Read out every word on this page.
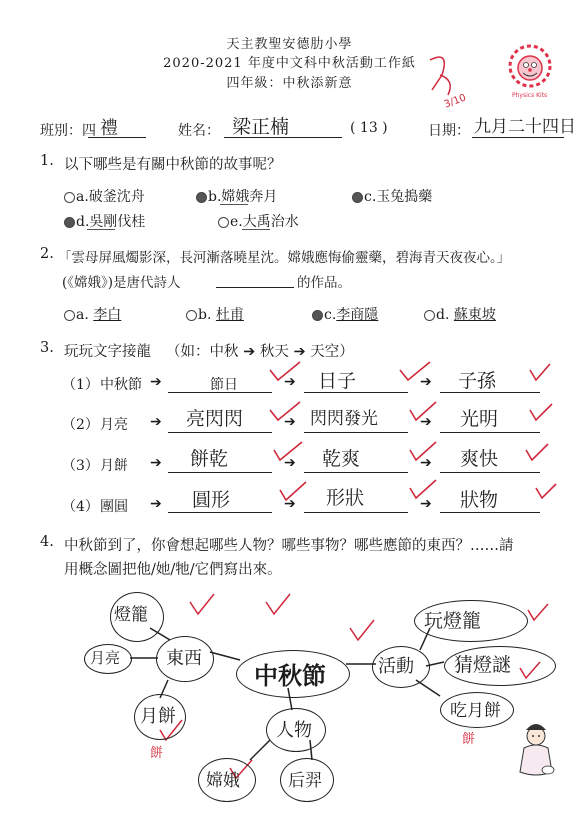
天主教聖安德肋小學
2020-2021 年度中文科中秋活動工作紙
四年級：中秋添新意
Physics Kits
3/10
班別：四 禮	姓名： 梁正楠	( 13 )	日期： 九月二十四日
1. 以下哪些是有關中秋節的故事呢？
a.破釜沈舟	b.嫦娥奔月	c.玉兔搗藥
d.吳剛伐桂	e.大禹治水
2. 「雲母屏風燭影深，長河漸落曉星沈。嫦娥應悔偷靈藥，碧海青天夜夜心。」
(《嫦娥》)是唐代詩人	的作品。
a. 李白	b. 杜甫	c.李商隱	d. 蘇東坡
3. 玩玩文字接龍 （如：中秋 ➔ 秋天 ➔ 天空）
（1） 中秋節 ➔	節日	➔ 日子	➔ 子孫
（2） 月亮 ➔ 亮閃閃	➔ 閃閃發光	➔ 光明
（3） 月餅 ➔ 餅乾	➔ 乾爽	➔ 爽快
（4） 團圓 ➔ 圓形	➔ 形狀	➔ 狀物
4. 中秋節到了，你會想起哪些人物？哪些事物？哪些應節的東西？……請
用概念圖把他/她/牠/它們寫出來。
燈籠
月亮	東西
月餅
餅
中秋節
人物
嫦娥	后羿
活動
玩燈籠
猜燈謎
吃月餅
餅
